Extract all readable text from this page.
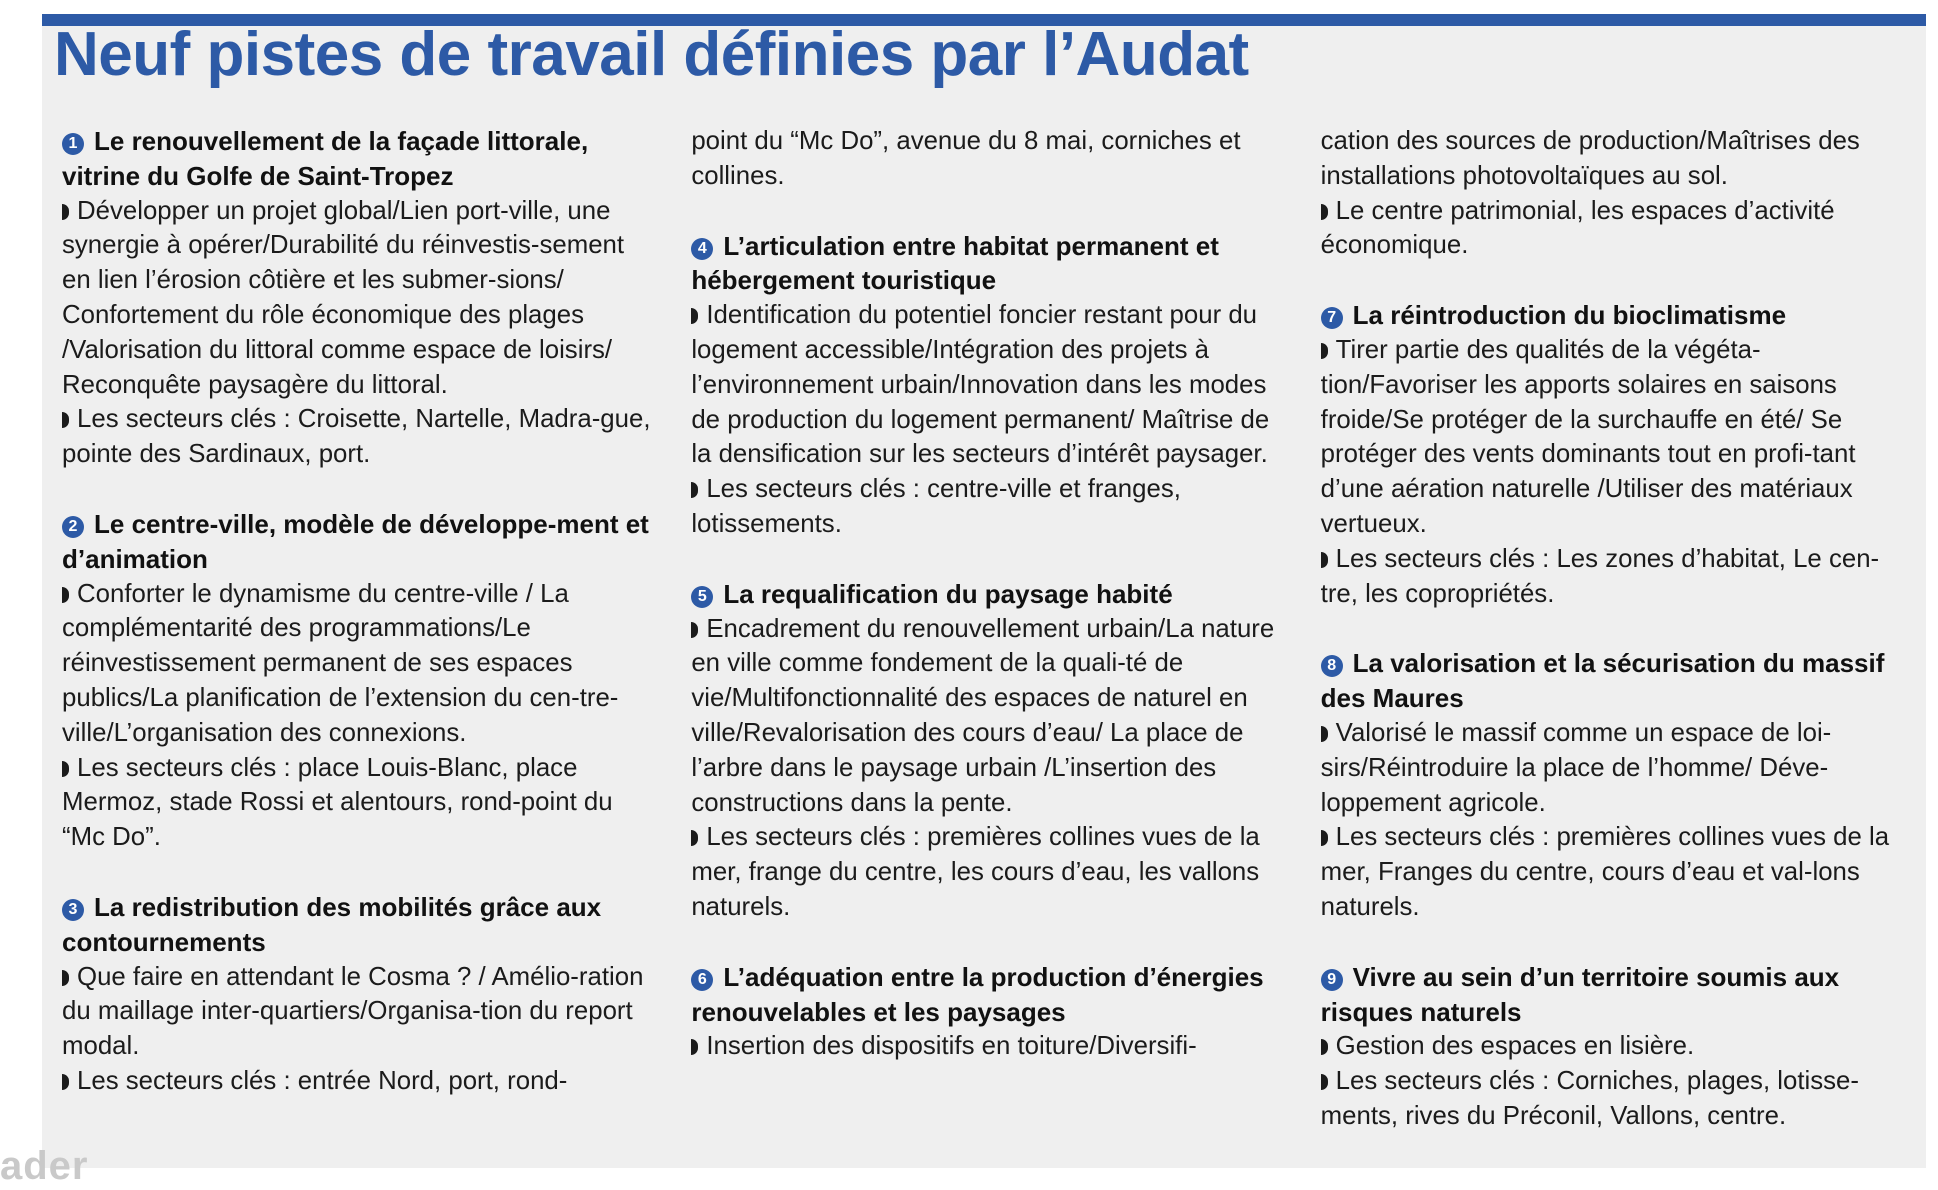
Neuf pistes de travail définies par l’Audat
1 Le renouvellement de la façade littorale, vitrine du Golfe de Saint-Tropez

Développer un projet global/Lien port-ville, une synergie à opérer/Durabilité du réinvestis-sement en lien l’érosion côtière et les submer-sions/ Confortement du rôle économique des plages /Valorisation du littoral comme espace de loisirs/ Reconquête paysagère du littoral.

Les secteurs clés : Croisette, Nartelle, Madra-gue, pointe des Sardinaux, port.

2 Le centre-ville, modèle de développe-ment et d’animation

Conforter le dynamisme du centre-ville / La complémentarité des programmations/Le réinvestissement permanent de ses espaces publics/La planification de l’extension du cen-tre-ville/L’organisation des connexions.

Les secteurs clés : place Louis-Blanc, place Mermoz, stade Rossi et alentours, rond-point du “Mc Do”.

3 La redistribution des mobilités grâce aux contournements

Que faire en attendant le Cosma ? / Amélio-ration du maillage inter-quartiers/Organisa-tion du report modal.

Les secteurs clés : entrée Nord, port, rond-

point du “Mc Do”, avenue du 8 mai, corniches et collines.

4 L’articulation entre habitat permanent et hébergement touristique

Identification du potentiel foncier restant pour du logement accessible/Intégration des projets à l’environnement urbain/Innovation dans les modes de production du logement permanent/ Maîtrise de la densification sur les secteurs d’intérêt paysager.

Les secteurs clés : centre-ville et franges, lotissements.

5 La requalification du paysage habité

Encadrement du renouvellement urbain/La nature en ville comme fondement de la quali-té de vie/Multifonctionnalité des espaces de naturel en ville/Revalorisation des cours d’eau/ La place de l’arbre dans le paysage urbain /L’insertion des constructions dans la pente.

Les secteurs clés : premières collines vues de la mer, frange du centre, les cours d’eau, les vallons naturels.

6 L’adéquation entre la production d’énergies renouvelables et les paysages

Insertion des dispositifs en toiture/Diversifi-

cation des sources de production/Maîtrises des installations photovoltaïques au sol.

Le centre patrimonial, les espaces d’activité économique.

7 La réintroduction du bioclimatisme

Tirer partie des qualités de la végéta-tion/Favoriser les apports solaires en saisons froide/Se protéger de la surchauffe en été/ Se protéger des vents dominants tout en profi-tant d’une aération naturelle /Utiliser des matériaux vertueux.

Les secteurs clés : Les zones d’habitat, Le cen-tre, les copropriétés.

8 La valorisation et la sécurisation du massif des Maures

Valorisé le massif comme un espace de loi-sirs/Réintroduire la place de l’homme/ Déve-loppement agricole.

Les secteurs clés : premières collines vues de la mer, Franges du centre, cours d’eau et val-lons naturels.

9 Vivre au sein d’un territoire soumis aux risques naturels

Gestion des espaces en lisière.

Les secteurs clés : Corniches, plages, lotisse-ments, rives du Préconil, Vallons, centre.

ader
